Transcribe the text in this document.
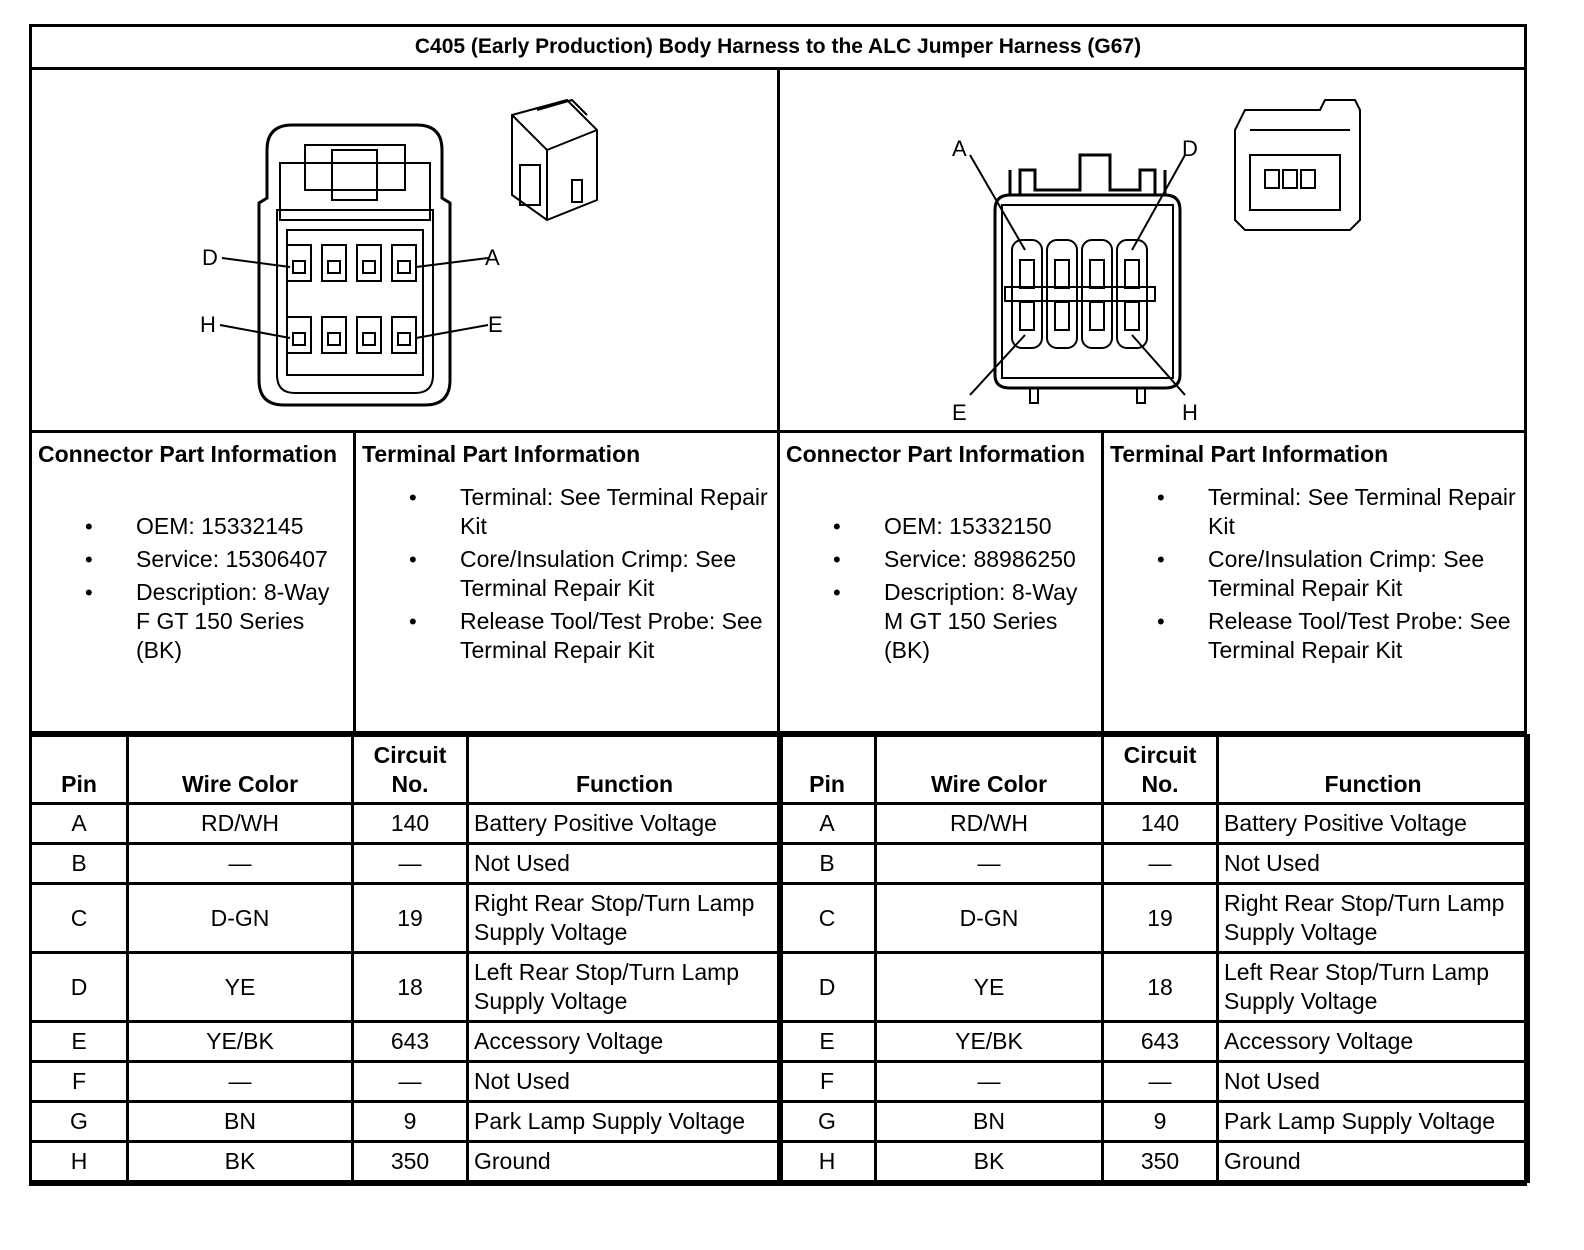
C405 (Early Production) Body Harness to the ALC Jumper Harness (G67)
A
D
E
H
A	D
E	H
Connector Part Information
• OEM: 15332145
• Service: 15306407
• Description: 8-Way F GT 150 Series (BK)
Terminal Part Information
• Terminal: See Terminal Repair Kit
• Core/Insulation Crimp: See Terminal Repair Kit
• Release Tool/Test Probe: See Terminal Repair Kit
Connector Part Information
• OEM: 15332150
• Service: 88986250
• Description: 8-Way M GT 150 Series (BK)
Terminal Part Information
• Terminal: See Terminal Repair Kit
• Core/Insulation Crimp: See Terminal Repair Kit
• Release Tool/Test Probe: See Terminal Repair Kit
Pin	Wire Color	Circuit No.	Function
A	RD/WH	140	Battery Positive Voltage
B	—	—	Not Used
C	D-GN	19	Right Rear Stop/Turn Lamp Supply Voltage
D	YE	18	Left Rear Stop/Turn Lamp Supply Voltage
E	YE/BK	643	Accessory Voltage
F	—	—	Not Used
G	BN	9	Park Lamp Supply Voltage
H	BK	350	Ground
Pin	Wire Color	Circuit No.	Function
A	RD/WH	140	Battery Positive Voltage
B	—	—	Not Used
C	D-GN	19	Right Rear Stop/Turn Lamp Supply Voltage
D	YE	18	Left Rear Stop/Turn Lamp Supply Voltage
E	YE/BK	643	Accessory Voltage
F	—	—	Not Used
G	BN	9	Park Lamp Supply Voltage
H	BK	350	Ground
